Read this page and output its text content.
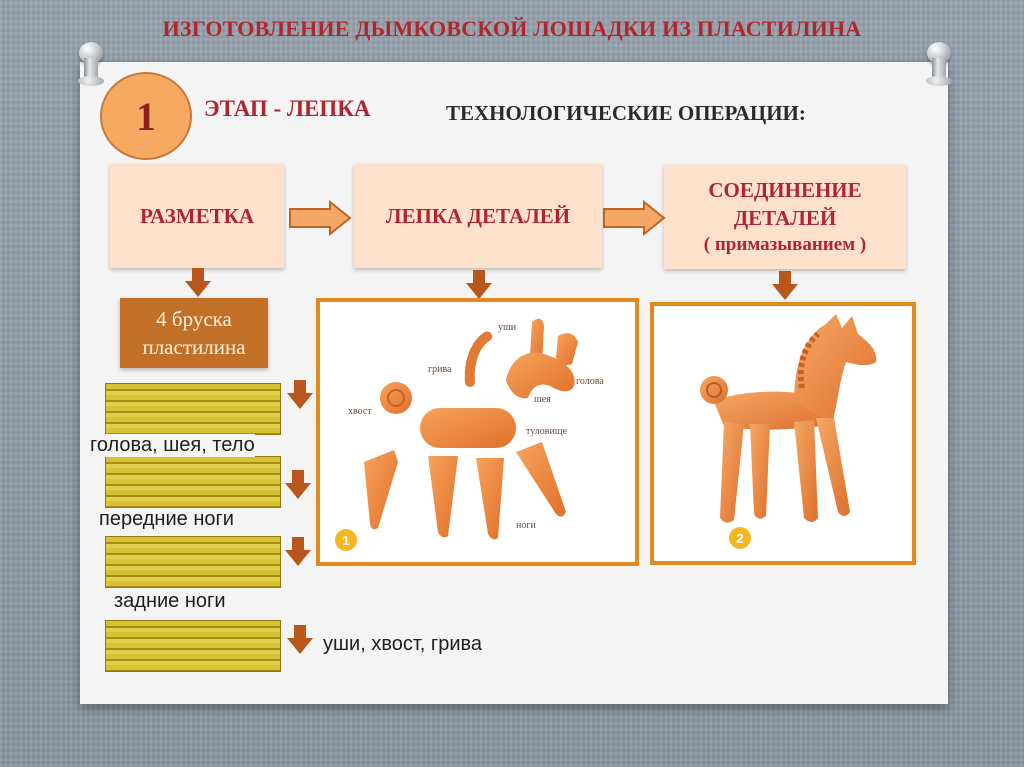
ИЗГОТОВЛЕНИЕ ДЫМКОВСКОЙ ЛОШАДКИ ИЗ ПЛАСТИЛИНА
1	ЭТАП - ЛЕПКА	ТЕХНОЛОГИЧЕСКИЕ ОПЕРАЦИИ:
РАЗМЕТКА	ЛЕПКА ДЕТАЛЕЙ
СОЕДИНЕНИЕ
ДЕТАЛЕЙ
( примазыванием )
4 бруска
пластилина
голова, шея, тело
передние ноги
задние ноги
уши, хвост, грива
уши
грива
голова
шея
хвост
туловище
ноги
1	2
